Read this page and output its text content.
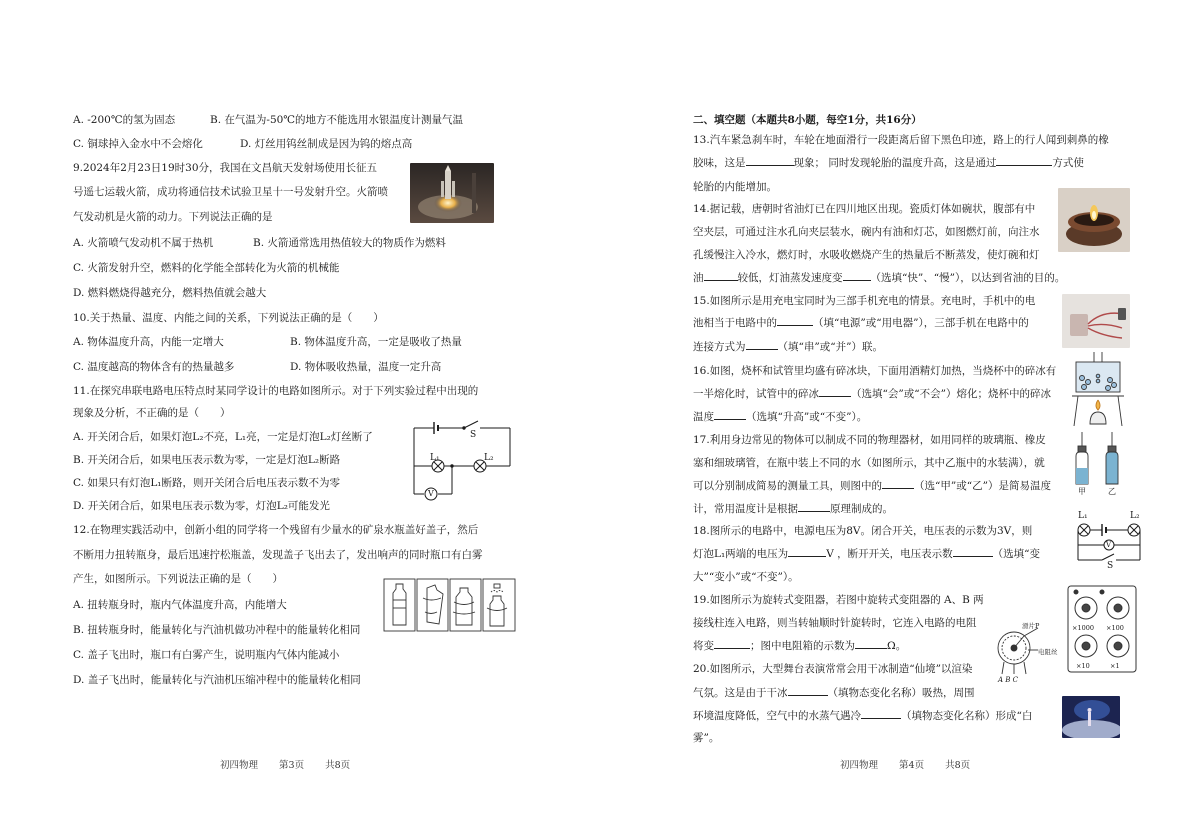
A. -200℃的氢为固态	B. 在气温为-50℃的地方不能选用水银温度计测量气温
C. 铜球掉入金水中不会熔化	D. 灯丝用钨丝制成是因为钨的熔点高
9.2024年2月23日19时30分，我国在文昌航天发射场使用长征五
号遥七运载火箭，成功将通信技术试验卫星十一号发射升空。火箭喷
气发动机是火箭的动力。下列说法正确的是
A. 火箭喷气发动机不属于热机	B. 火箭通常选用热值较大的物质作为燃料
C. 火箭发射升空，燃料的化学能全部转化为火箭的机械能
D. 燃料燃烧得越充分，燃料热值就会越大
10.关于热量、温度、内能之间的关系，下列说法正确的是（　　）
A. 物体温度升高，内能一定增大	B. 物体温度升高，一定是吸收了热量
C. 温度越高的物体含有的热量越多	D. 物体吸收热量，温度一定升高
11.在探究串联电路电压特点时某同学设计的电路如图所示。对于下列实验过程中出现的
现象及分析，不正确的是（　　）
A. 开关闭合后，如果灯泡L₂不亮，L₁亮，一定是灯泡L₂灯丝断了
B. 开关闭合后，如果电压表示数为零，一定是灯泡L₂断路
C. 如果只有灯泡L₁断路，则开关闭合后电压表示数不为零
D. 开关闭合后，如果电压表示数为零，灯泡L₂可能发光
S
L₁	L₂
V
12.在物理实践活动中，创新小组的同学将一个残留有少量水的矿泉水瓶盖好盖子，然后
不断用力扭转瓶身，最后迅速拧松瓶盖，发现盖子飞出去了，发出响声的同时瓶口有白雾
产生，如图所示。下列说法正确的是（　　）
A. 扭转瓶身时，瓶内气体温度升高，内能增大
B. 扭转瓶身时，能量转化与汽油机做功冲程中的能量转化相同
C. 盖子飞出时，瓶口有白雾产生，说明瓶内气体内能减小
D. 盖子飞出时，能量转化与汽油机压缩冲程中的能量转化相同
初四物理 第3页 共8页
二、填空题（本题共8小题，每空1分，共16分）
13.汽车紧急刹车时，车轮在地面滑行一段距离后留下黑色印迹，路上的行人闻到刺鼻的橡
胶味，这是	现象； 同时发现轮胎的温度升高，这是通过	方式使
轮胎的内能增加。
14.据记载，唐朝时省油灯已在四川地区出现。瓷质灯体如碗状，腹部有中
空夹层，可通过注水孔向夹层装水，碗内有油和灯芯，如图燃灯前，向注水
孔缓慢注入冷水，燃灯时，水吸收燃烧产生的热量后不断蒸发，使灯碗和灯
油	较低，灯油蒸发速度变	（选填“快”、“慢”），以达到省油的目的。
15.如图所示是用充电宝同时为三部手机充电的情景。充电时，手机中的电
池相当于电路中的	（填“电源”或“用电器”），三部手机在电路中的
连接方式为	（填“串”或“并”）联。
16.如图，烧杯和试管里均盛有碎冰块，下面用酒精灯加热，当烧杯中的碎冰有
一半熔化时，试管中的碎冰	（选填“会”或“不会”）熔化；烧杯中的碎冰
温度	（选填“升高”或“不变”）。
17.利用身边常见的物体可以制成不同的物理器材，如用同样的玻璃瓶、橡皮
塞和细玻璃管，在瓶中装上不同的水（如图所示，其中乙瓶中的水装满），就
可以分别制成简易的测量工具，则图中的	（选“甲”或“乙”）是简易温度
计，常用温度计是根据	原理制成的。
甲	乙
18.图所示的电路中，电源电压为8V。闭合开关，电压表的示数为3V，则
灯泡L₁两端的电压为	V ，断开开关，电压表示数	（选填“变
大”“变小”或“不变”）。
L₁	L₂
V
S
19.如图所示为旋转式变阻器，若图中旋转式变阻器的 A、B 两
接线柱连入电路，则当转轴顺时针旋转时，它连入电路的电阻
将变	；图中电阻箱的示数为	Ω。
滑片P
电阻丝
A B C
×1000 ×100
×10	×1
20.如图所示，大型舞台表演常常会用干冰制造“仙境”以渲染
气氛。这是由于干冰	（填物态变化名称）吸热，周围
环境温度降低，空气中的水蒸气遇冷	（填物态变化名称）形成“白
雾”。
初四物理 第4页 共8页
